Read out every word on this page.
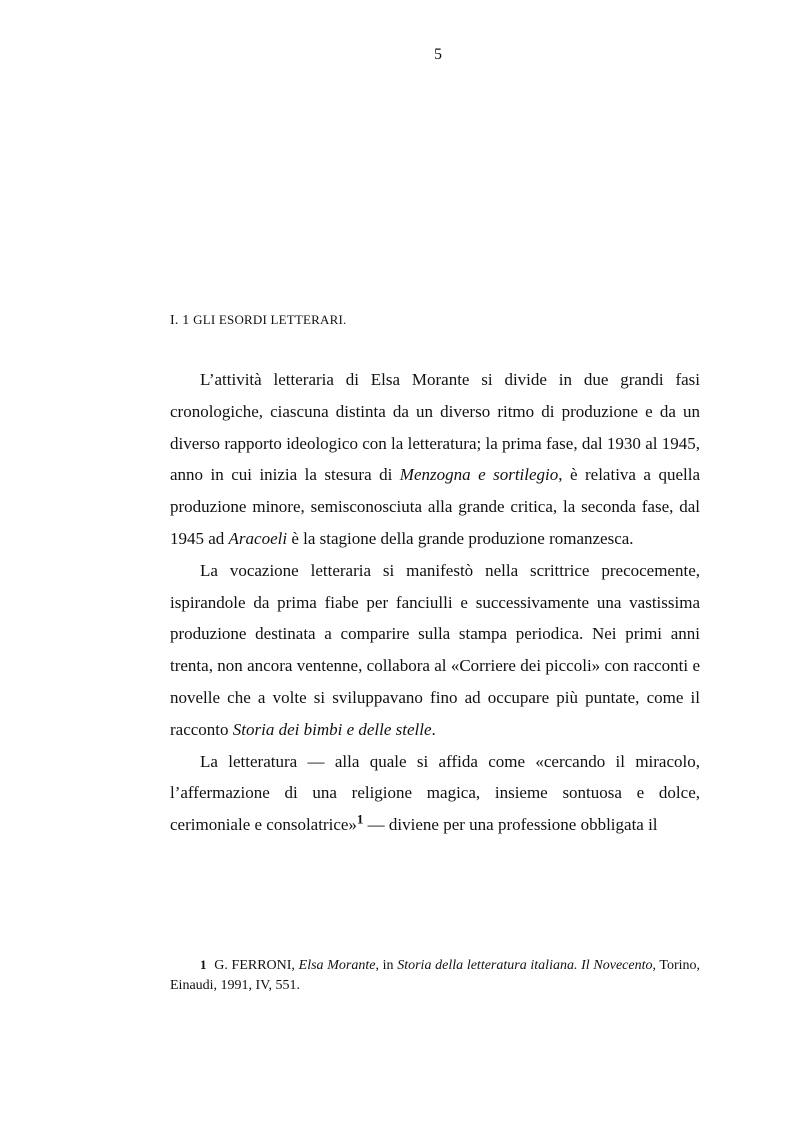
5
I. 1 GLI ESORDI LETTERARI.

L’attività letteraria di Elsa Morante si divide in due grandi fasi cronologiche, ciascuna distinta da un diverso ritmo di produzione e da un diverso rapporto ideologico con la letteratura; la prima fase, dal 1930 al 1945, anno in cui inizia la stesura di Menzogna e sortilegio, è relativa a quella produzione minore, semisconosciuta alla grande critica, la seconda fase, dal 1945 ad Aracoeli è la stagione della grande produzione romanzesca.

La vocazione letteraria si manifestò nella scrittrice precocemente, ispirandole da prima fiabe per fanciulli e successivamente una vastissima produzione destinata a comparire sulla stampa periodica. Nei primi anni trenta, non ancora ventenne, collabora al «Corriere dei piccoli» con racconti e novelle che a volte si sviluppavano fino ad occupare più puntate, come il racconto Storia dei bimbi e delle stelle.

La letteratura — alla quale si affida come «cercando il miracolo, l’affermazione di una religione magica, insieme sontuosa e dolce, cerimoniale e consolatrice»$^1$ — diviene per una professione obbligata il

1 G. FERRONI, Elsa Morante, in Storia della letteratura italiana. Il Novecento, Torino, Einaudi, 1991, IV, 551.
